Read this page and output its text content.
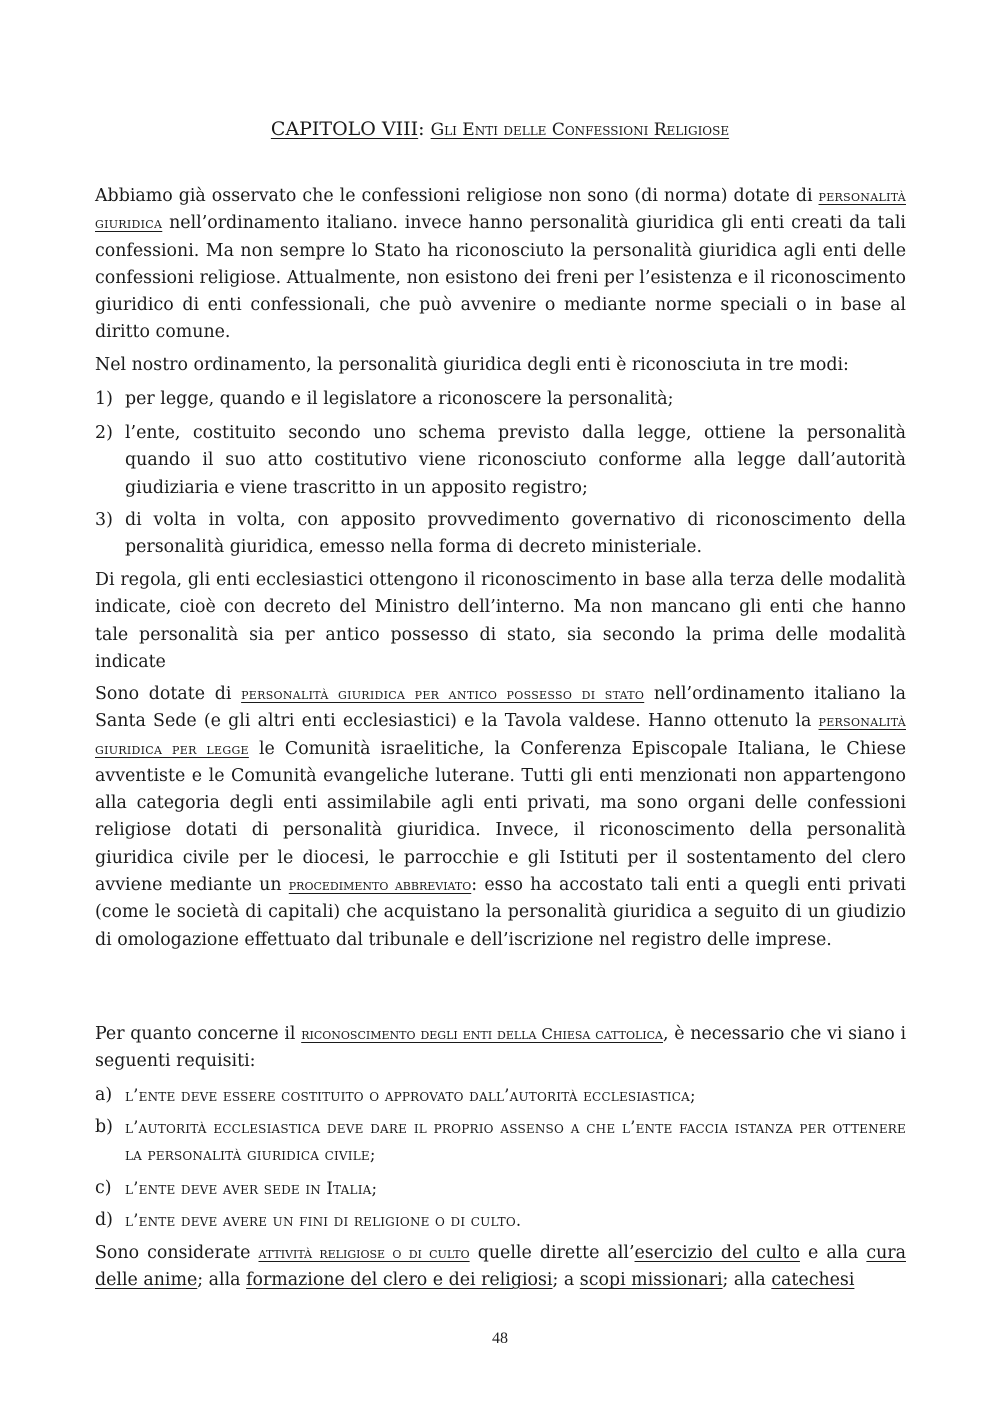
CAPITOLO VIII: Gli Enti delle Confessioni Religiose
Abbiamo già osservato che le confessioni religiose non sono (di norma) dotate di personalità giuridica nell’ordinamento italiano. invece hanno personalità giuridica gli enti creati da tali confessioni. Ma non sempre lo Stato ha riconosciuto la personalità giuridica agli enti delle confessioni religiose. Attualmente, non esistono dei freni per l’esistenza e il riconoscimento giuridico di enti confessionali, che può avvenire o mediante norme speciali o in base al diritto comune.
Nel nostro ordinamento, la personalità giuridica degli enti è riconosciuta in tre modi:
1) per legge, quando e il legislatore a riconoscere la personalità;
2) l’ente, costituito secondo uno schema previsto dalla legge, ottiene la personalità quando il suo atto costitutivo viene riconosciuto conforme alla legge dall’autorità giudiziaria e viene trascritto in un apposito registro;
3) di volta in volta, con apposito provvedimento governativo di riconoscimento della personalità giuridica, emesso nella forma di decreto ministeriale.
Di regola, gli enti ecclesiastici ottengono il riconoscimento in base alla terza delle modalità indicate, cioè con decreto del Ministro dell’interno. Ma non mancano gli enti che hanno tale personalità sia per antico possesso di stato, sia secondo la prima delle modalità indicate
Sono dotate di personalità giuridica per antico possesso di stato nell’ordinamento italiano la Santa Sede (e gli altri enti ecclesiastici) e la Tavola valdese. Hanno ottenuto la personalità giuridica per legge le Comunità israelitiche, la Conferenza Episcopale Italiana, le Chiese avventiste e le Comunità evangeliche luterane. Tutti gli enti menzionati non appartengono alla categoria degli enti assimilabile agli enti privati, ma sono organi delle confessioni religiose dotati di personalità giuridica. Invece, il riconoscimento della personalità giuridica civile per le diocesi, le parrocchie e gli Istituti per il sostentamento del clero avviene mediante un procedimento abbreviato: esso ha accostato tali enti a quegli enti privati (come le società di capitali) che acquistano la personalità giuridica a seguito di un giudizio di omologazione effettuato dal tribunale e dell’iscrizione nel registro delle imprese.
Per quanto concerne il riconoscimento degli enti della Chiesa cattolica, è necessario che vi siano i seguenti requisiti:
a) l’ente deve essere costituito o approvato dall’autorità ecclesiastica;
b) l’autorità ecclesiastica deve dare il proprio assenso a che l’ente faccia istanza per ottenere la personalità giuridica civile;
c) l’ente deve aver sede in Italia;
d) l’ente deve avere un fini di religione o di culto.
Sono considerate attività religiose o di culto quelle dirette all’esercizio del culto e alla cura delle anime; alla formazione del clero e dei religiosi; a scopi missionari; alla catechesi
48
